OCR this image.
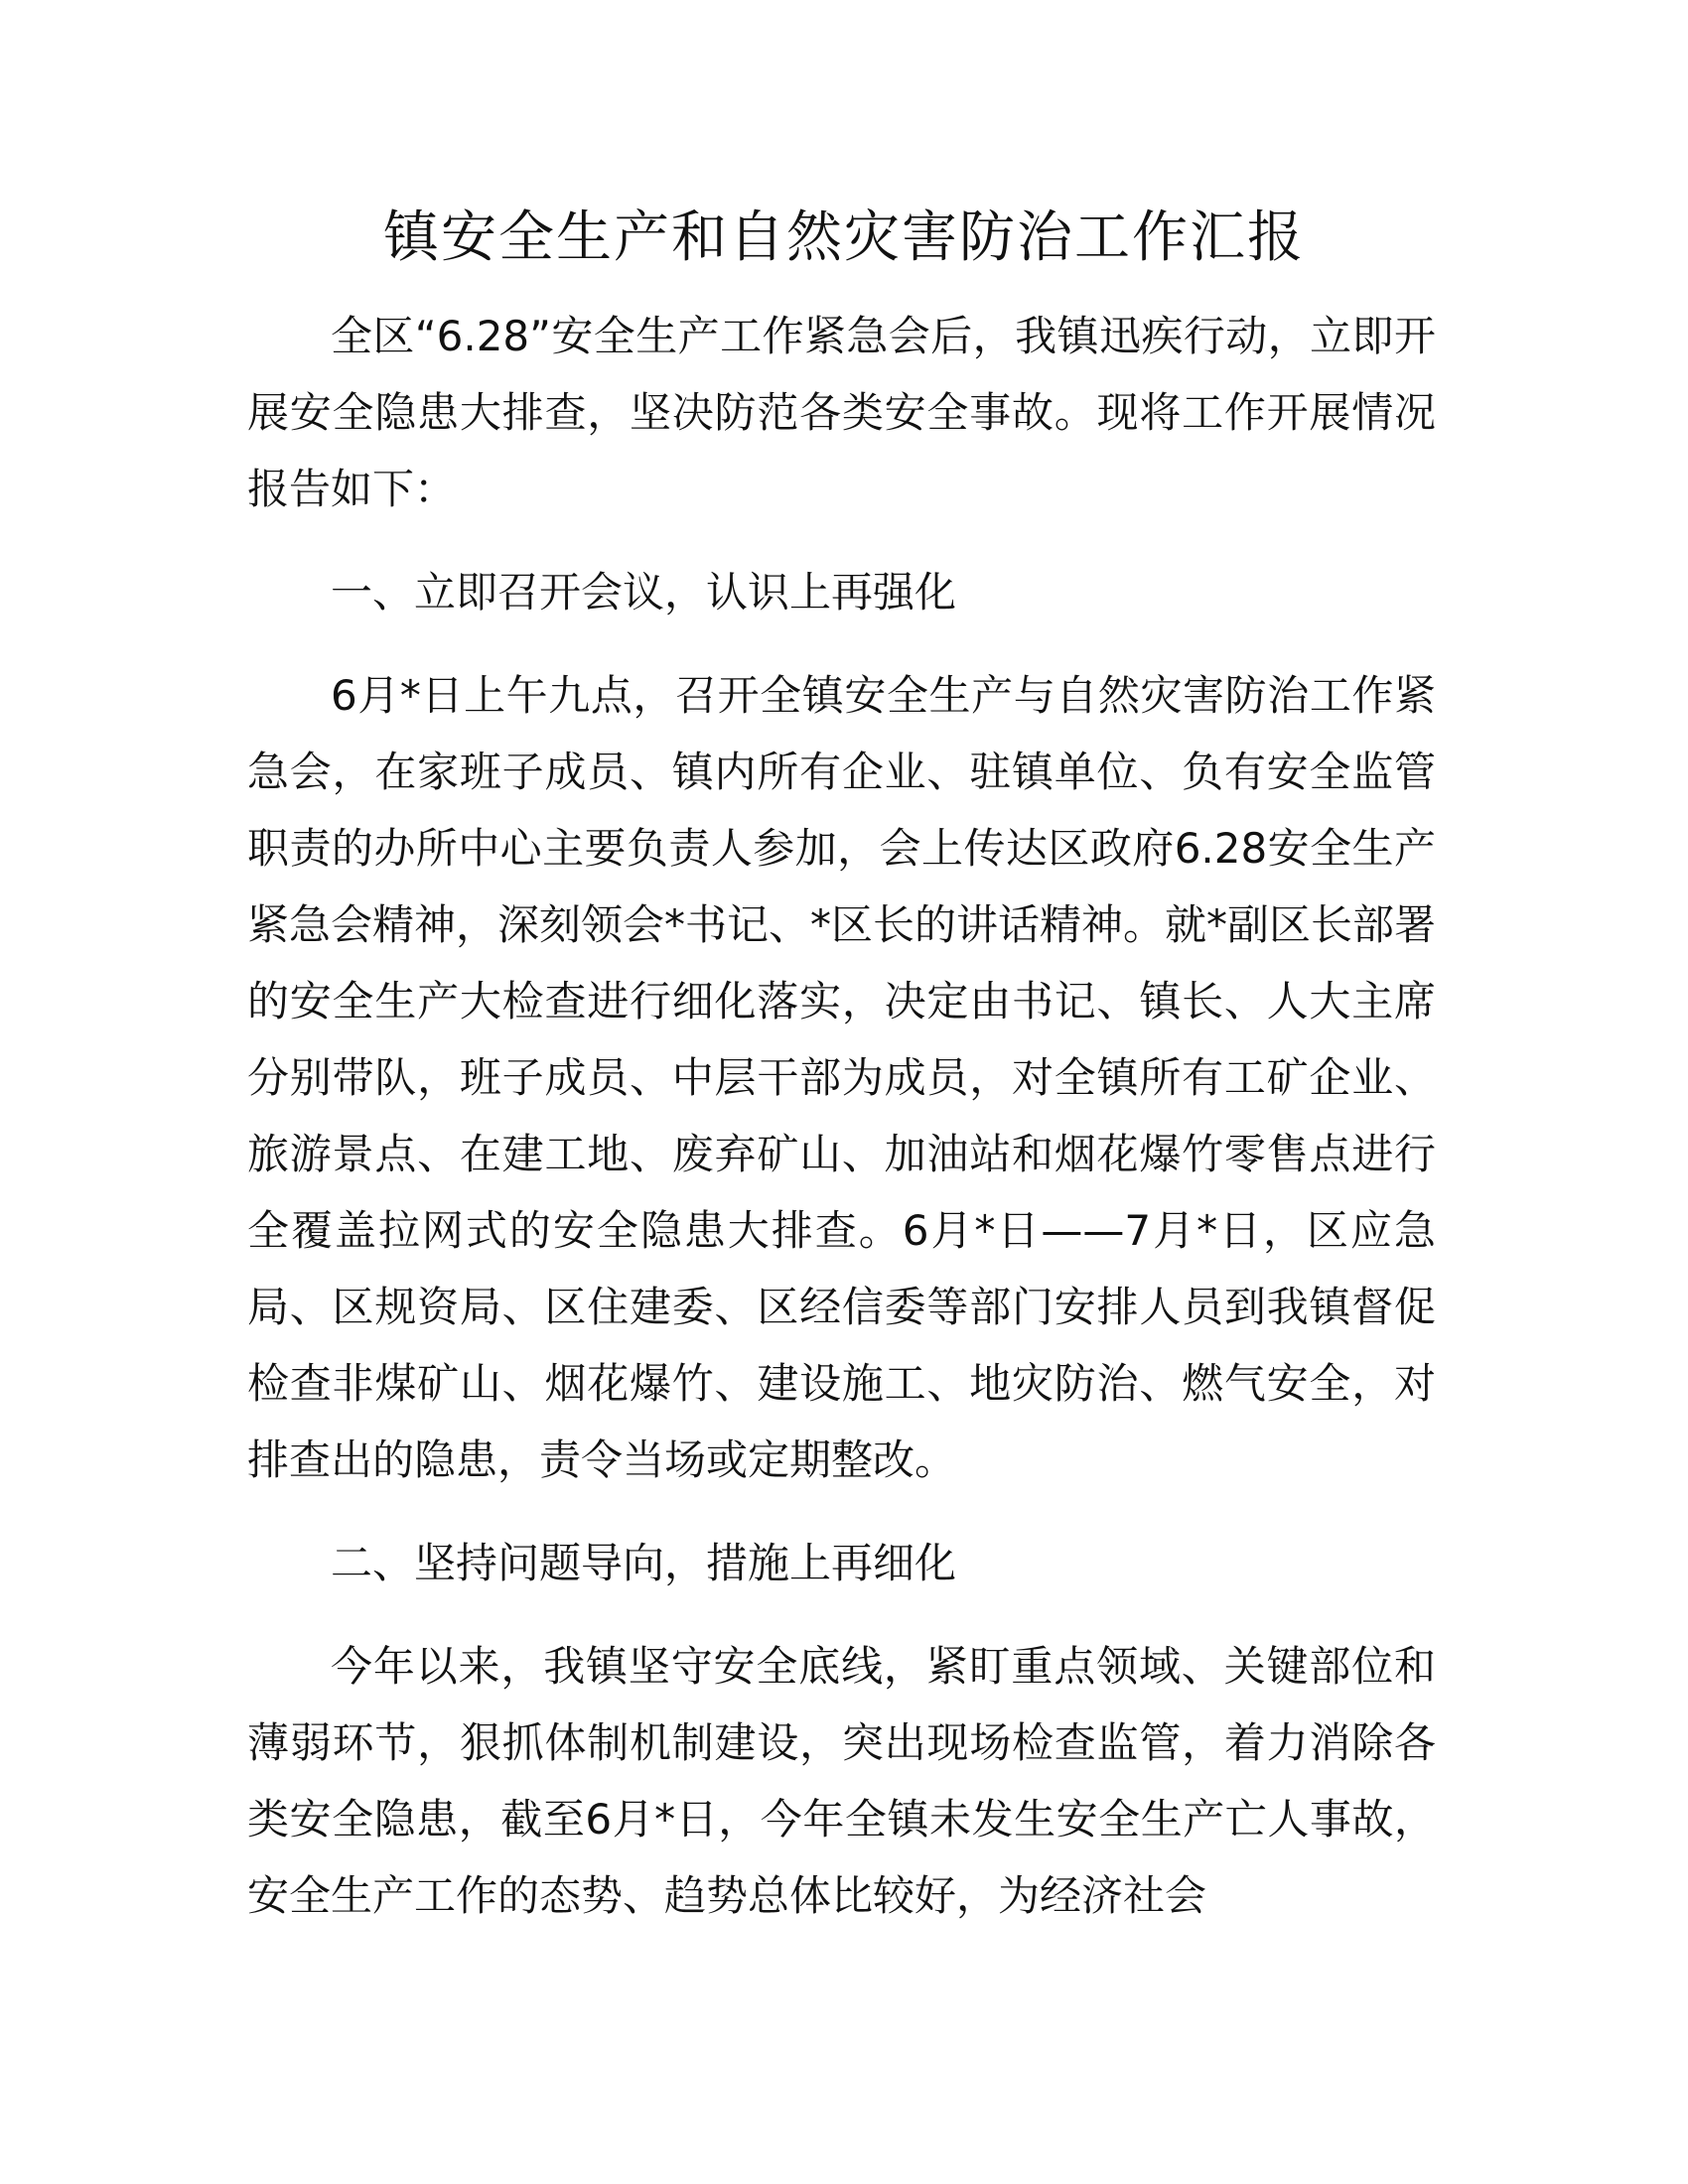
镇安全生产和自然灾害防治工作汇报

全区“6.28”安全生产工作紧急会后，我镇迅疾行动，立即开展安全隐患大排查，坚决防范各类安全事故。现将工作开展情况报告如下：

一、立即召开会议，认识上再强化

6月*日上午九点，召开全镇安全生产与自然灾害防治工作紧急会，在家班子成员、镇内所有企业、驻镇单位、负有安全监管职责的办所中心主要负责人参加，会上传达区政府6.28安全生产紧急会精神，深刻领会*书记、*区长的讲话精神。就*副区长部署的安全生产大检查进行细化落实，决定由书记、镇长、人大主席分别带队，班子成员、中层干部为成员，对全镇所有工矿企业、旅游景点、在建工地、废弃矿山、加油站和烟花爆竹零售点进行全覆盖拉网式的安全隐患大排查。6月*日——7月*日，区应急局、区规资局、区住建委、区经信委等部门安排人员到我镇督促检查非煤矿山、烟花爆竹、建设施工、地灾防治、燃气安全，对排查出的隐患，责令当场或定期整改。

二、坚持问题导向，措施上再细化

今年以来，我镇坚守安全底线，紧盯重点领域、关键部位和薄弱环节，狠抓体制机制建设，突出现场检查监管，着力消除各类安全隐患，截至6月*日，今年全镇未发生安全生产亡人事故，安全生产工作的态势、趋势总体比较好，为经济社会
